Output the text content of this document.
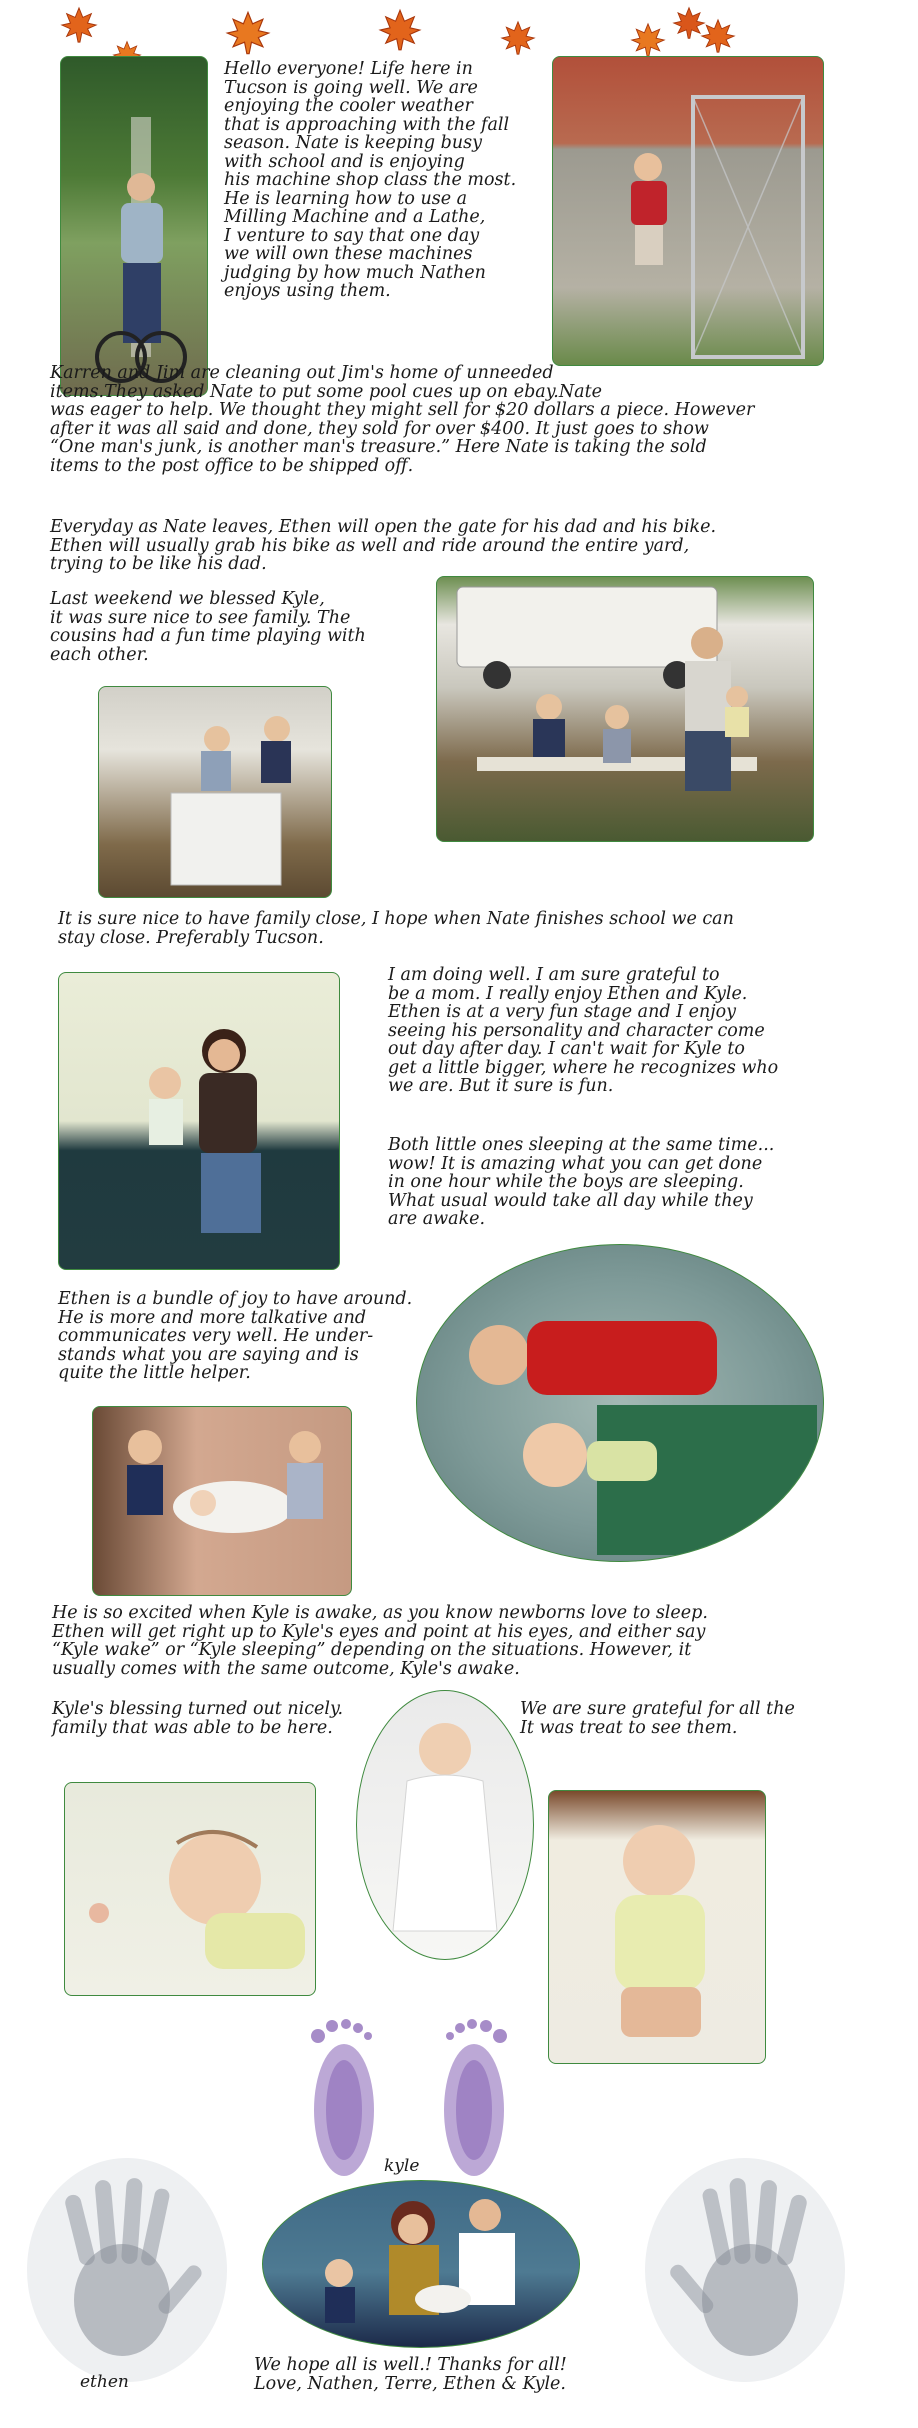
Hello everyone! Life here in
Tucson is going well. We are
enjoying the cooler weather
that is approaching with the fall
season. Nate is keeping busy
with school and is enjoying
his machine shop class the most.
He is learning how to use a
Milling Machine and a Lathe,
I venture to say that one day
we will own these machines
judging by how much Nathen
enjoys using them.
Karren and Jim are cleaning out Jim's home of unneeded
items.They asked Nate to put some pool cues up on ebay.Nate
was eager to help. We thought they might sell for $20 dollars a piece. However
after it was all said and done, they sold for over $400. It just goes to show
“One man's junk, is another man's treasure.” Here Nate is taking the sold
items to the post office to be shipped off.
Everyday as Nate leaves, Ethen will open the gate for his dad and his bike.
Ethen will usually grab his bike as well and ride around the entire yard,
trying to be like his dad.
Last weekend we blessed Kyle,
it was sure nice to see family. The
cousins had a fun time playing with
each other.
It is sure nice to have family close, I hope when Nate finishes school we can
stay close. Preferably Tucson.
I am doing well. I am sure grateful to
be a mom. I really enjoy Ethen and Kyle.
Ethen is at a very fun stage and I enjoy
seeing his personality and character come
out day after day. I can't wait for Kyle to
get a little bigger, where he recognizes who
we are. But it sure is fun.
Both little ones sleeping at the same time...
wow! It is amazing what you can get done
in one hour while the boys are sleeping.
What usual would take all day while they
are awake.
Ethen is a bundle of joy to have around.
He is more and more talkative and
communicates very well. He under-
stands what you are saying and is
quite the little helper.
He is so excited when Kyle is awake, as you know newborns love to sleep.
Ethen will get right up to Kyle's eyes and point at his eyes, and either say
“Kyle wake” or “Kyle sleeping” depending on the situations. However, it
usually comes with the same outcome, Kyle's awake.
Kyle's blessing turned out nicely.
family that was able to be here.
We are sure grateful for all the
It was treat to see them.
kyle
ethen
We hope all is well.! Thanks for all!
Love, Nathen, Terre, Ethen & Kyle.
